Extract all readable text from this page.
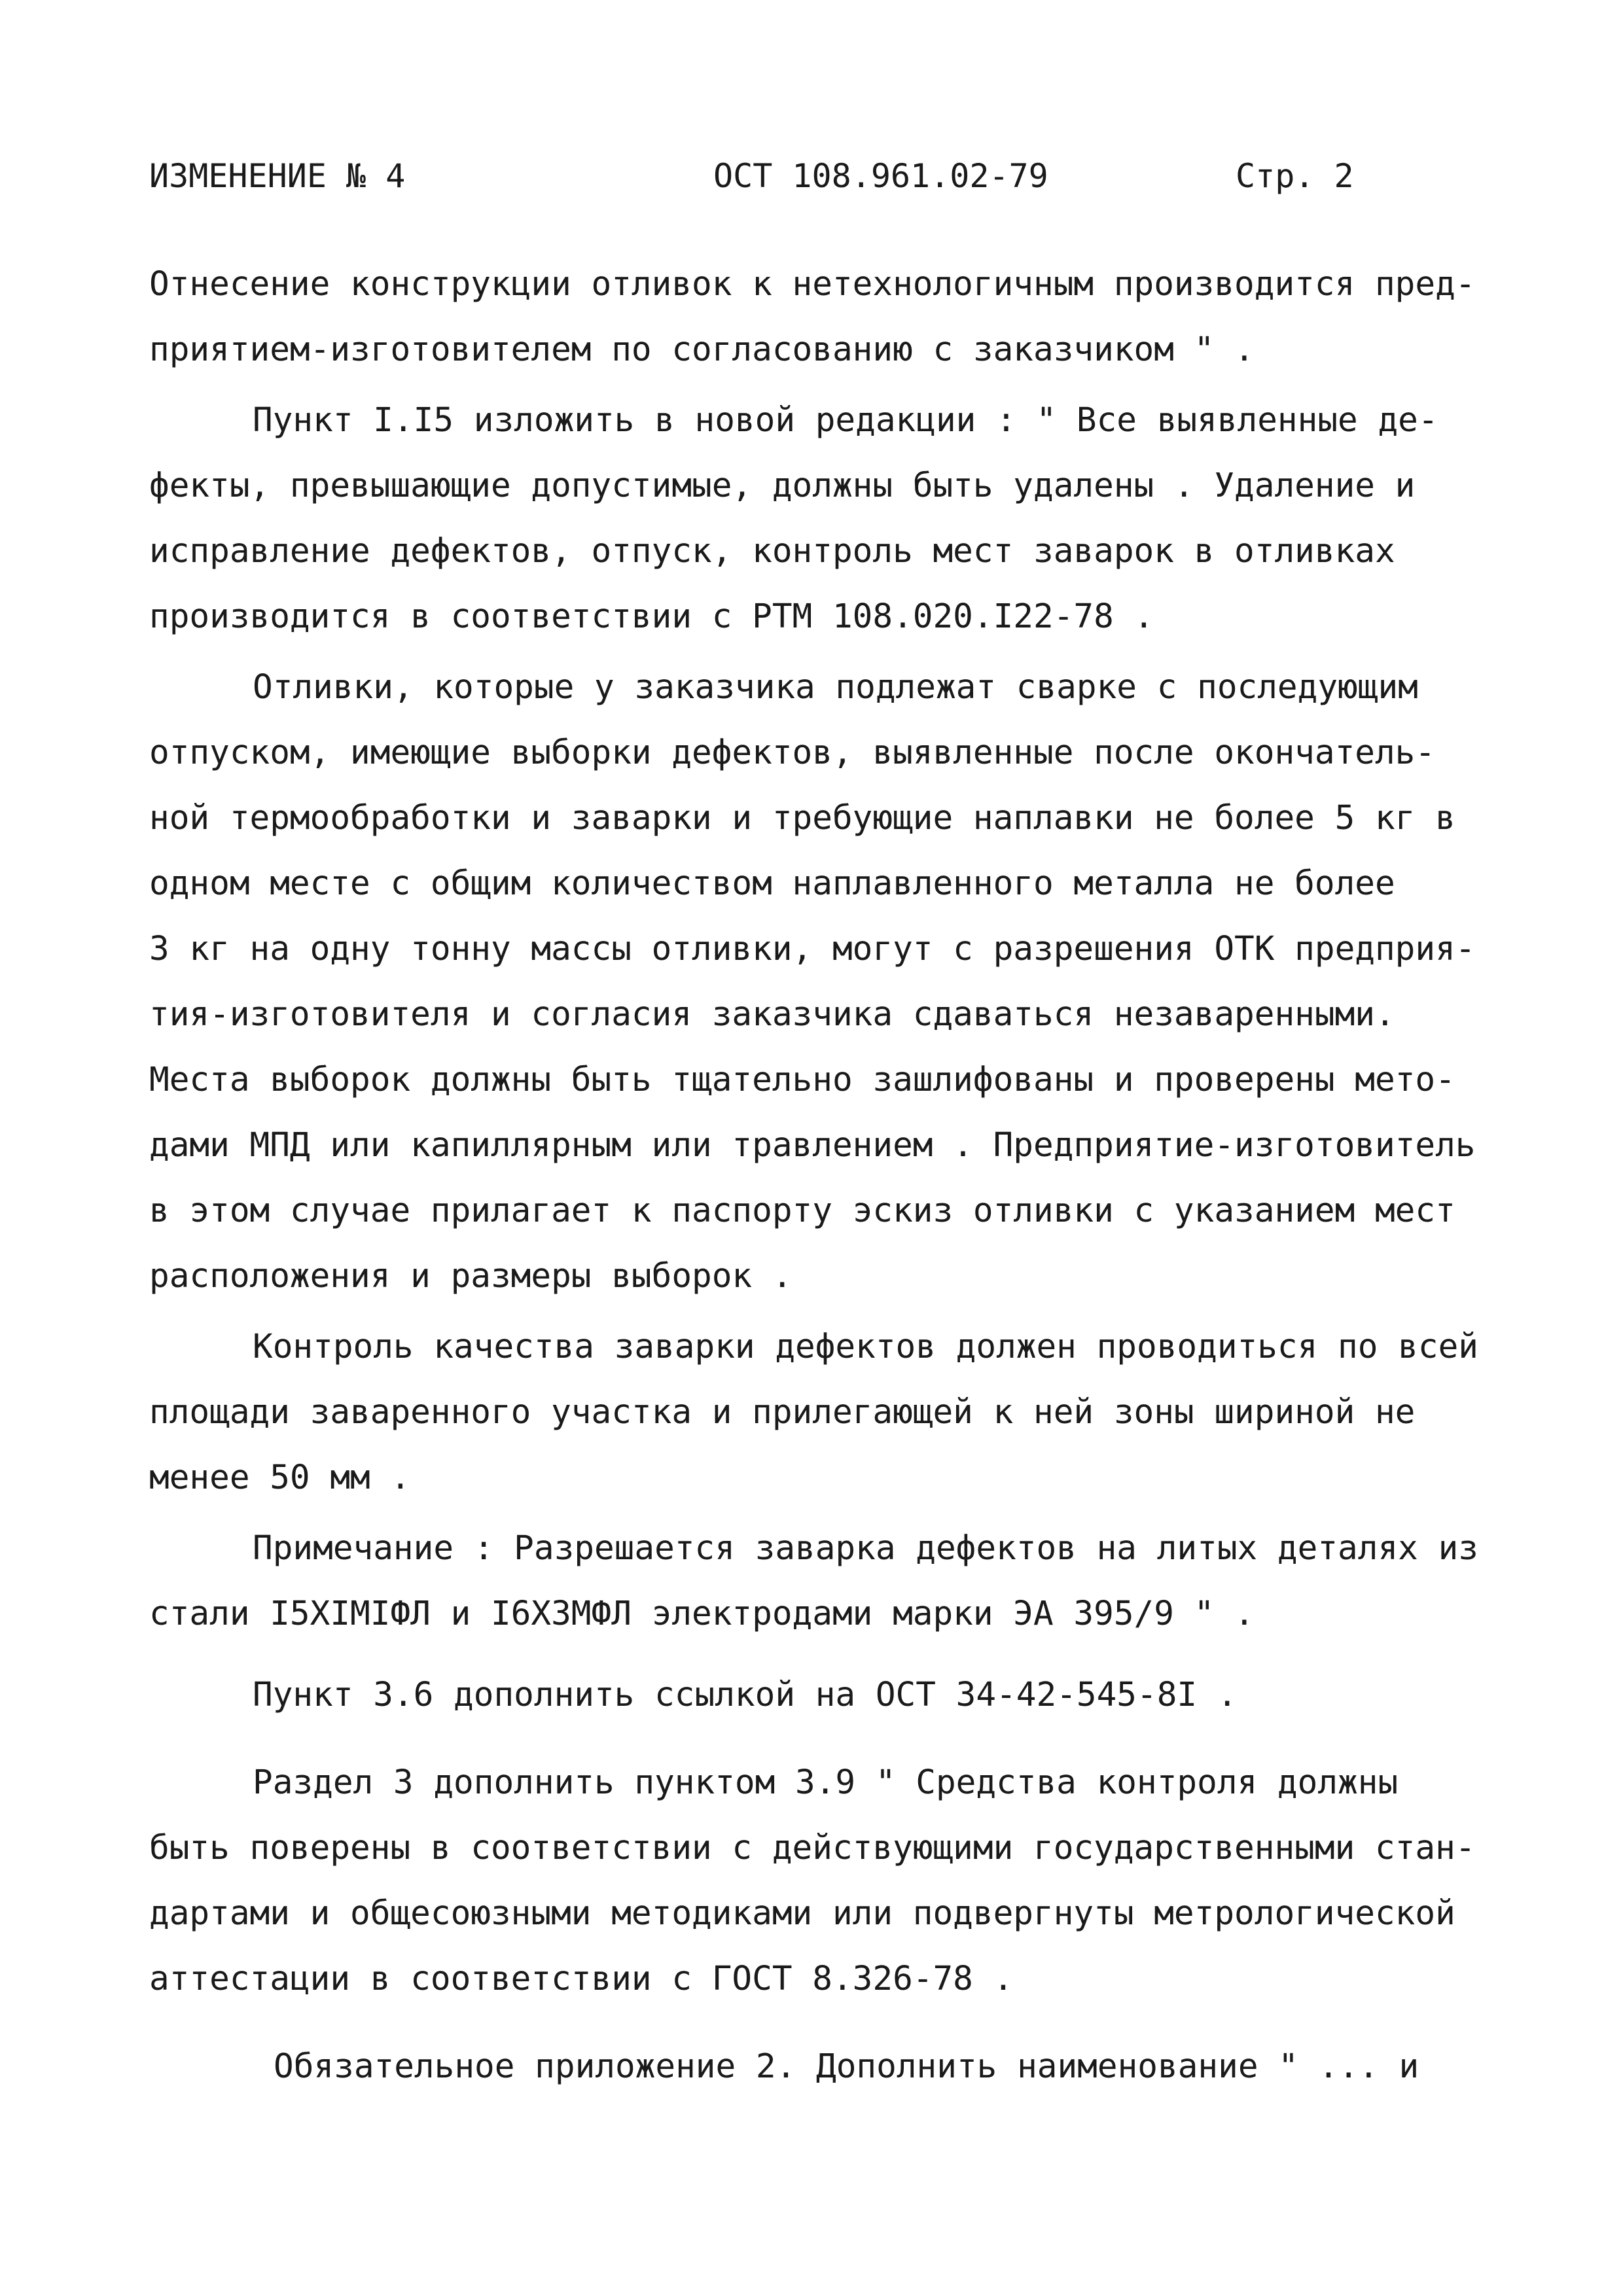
ИЗМЕНЕНИЕ № 4	ОСТ 108.961.02-79	Стр. 2
Отнесение конструкции отливок к нетехнологичным производится пред-
приятием-изготовителем по согласованию с заказчиком " .
Пункт I.I5 изложить в новой редакции : " Все выявленные де-
фекты, превышающие допустимые, должны быть удалены . Удаление и
исправление дефектов, отпуск, контроль мест заварок в отливках
производится в соответствии с РТМ 108.020.I22-78 .
Отливки, которые у заказчика подлежат сварке с последующим
отпуском, имеющие выборки дефектов, выявленные после окончатель-
ной термообработки и заварки и требующие наплавки не более 5 кг в
одном месте с общим количеством наплавленного металла не более
3 кг на одну тонну массы отливки, могут с разрешения ОТК предприя-
тия-изготовителя и согласия заказчика сдаваться незаваренными.
Места выборок должны быть тщательно зашлифованы и проверены мето-
дами МПД или капиллярным или травлением . Предприятие-изготовитель
в этом случае прилагает к паспорту эскиз отливки с указанием мест
расположения и размеры выборок .
Контроль качества заварки дефектов должен проводиться по всей
площади заваренного участка и прилегающей к ней зоны шириной не
менее 50 мм .
Примечание : Разрешается заварка дефектов на литых деталях из
стали I5ХIМIФЛ и I6Х3МФЛ электродами марки ЭА 395/9 " .
Пункт 3.6 дополнить ссылкой на ОСТ 34-42-545-8I .
Раздел 3 дополнить пунктом 3.9 " Средства контроля должны
быть поверены в соответствии с действующими государственными стан-
дартами и общесоюзными методиками или подвергнуты метрологической
аттестации в соответствии с ГОСТ 8.326-78 .
Обязательное приложение 2. Дополнить наименование " ... и
